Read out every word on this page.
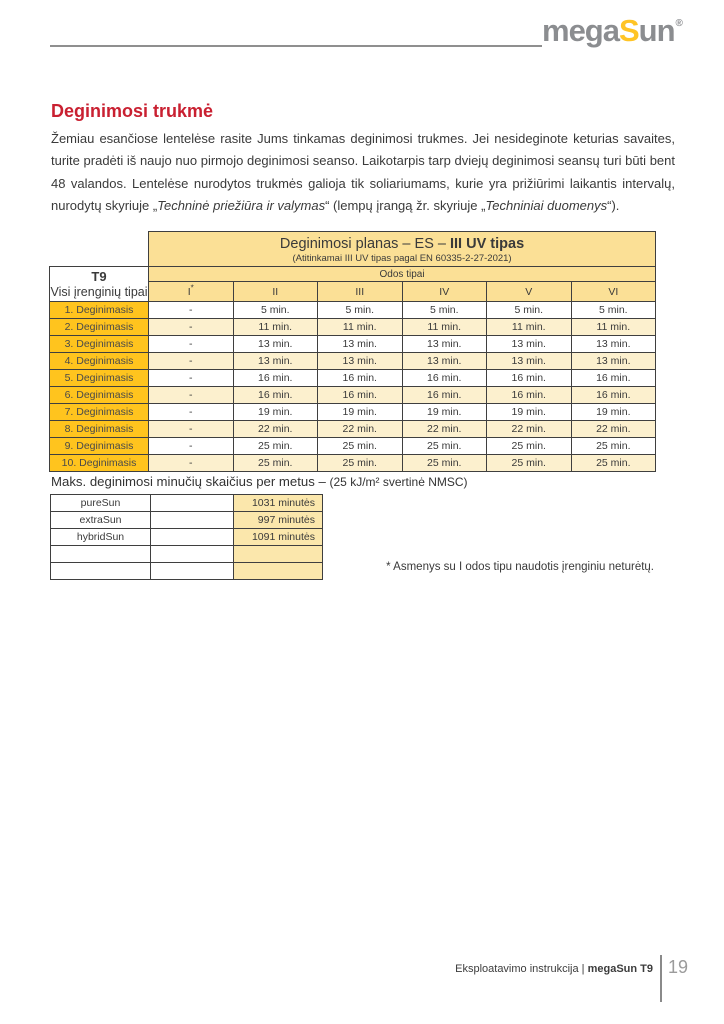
megaSun®
Deginimosi trukmė

Žemiau esančiose lentelėse rasite Jums tinkamas deginimosi trukmes. Jei nesideginote keturias savaites, turite pradėti iš naujo nuo pirmojo deginimosi seanso. Laikotarpis tarp dviejų deginimosi seansų turi būti bent 48 valandos. Lentelėse nurodytos trukmės galioja tik soliariumams, kurie yra prižiūrimi laikantis intervalų, nurodytų skyriuje „Techninė priežiūra ir valymas“ (lempų įrangą žr. skyriuje „Techniniai duomenys“).

	Deginimosi planas – ES – III UV tipas
(Atitinkamai III UV tipas pagal EN 60335-2-27-2021)					

T9
Visi įrenginių tipai	Odos tipai					
	I*	II	III	IV	V	VI
1. Deginimasis	-	5 min.	5 min.	5 min.	5 min.	5 min.
2. Deginimasis	-	11 min.	11 min.	11 min.	11 min.	11 min.
3. Deginimasis	-	13 min.	13 min.	13 min.	13 min.	13 min.
4. Deginimasis	-	13 min.	13 min.	13 min.	13 min.	13 min.
5. Deginimasis	-	16 min.	16 min.	16 min.	16 min.	16 min.
6. Deginimasis	-	16 min.	16 min.	16 min.	16 min.	16 min.
7. Deginimasis	-	19 min.	19 min.	19 min.	19 min.	19 min.
8. Deginimasis	-	22 min.	22 min.	22 min.	22 min.	22 min.
9. Deginimasis	-	25 min.	25 min.	25 min.	25 min.	25 min.
10. Deginimasis	-	25 min.	25 min.	25 min.	25 min.	25 min.
Maks. deginimosi minučių skaičius per metus – (25 kJ/m² svertinė NMSC)
pureSun		1031 minutės
extraSun		997 minutės
hybridSun		1091 minutės

* Asmenys su I odos tipu naudotis įrenginiu neturėtų.
Eksploatavimo instrukcija | megaSun T9 19
